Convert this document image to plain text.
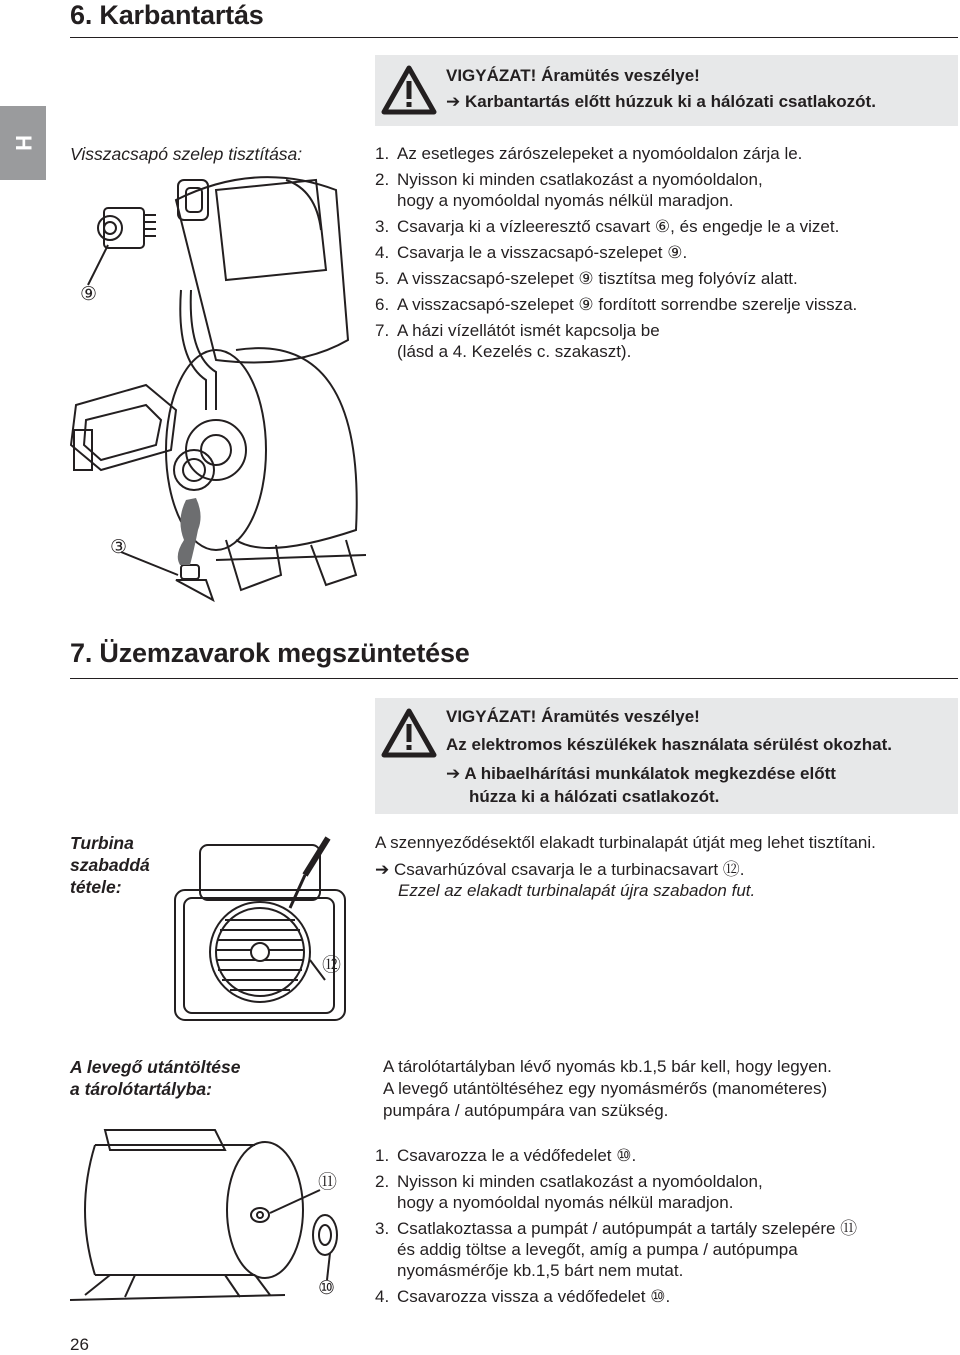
H
6. Karbantartás
VIGYÁZAT! Áramütés veszélye!
➔ Karbantartás előtt húzzuk ki a hálózati csatlakozót.
Visszacsapó szelep tisztítása:	1. Az esetleges zárószelepeket a nyomóoldalon zárja le.
2. Nyisson ki minden csatlakozást a nyomóoldalon,
hogy a nyomóoldal nyomás nélkül maradjon.
3. Csavarja ki a vízleeresztő csavart ⑥, és engedje le a vizet.
4. Csavarja le a visszacsapó-szelepet ⑨.
5. A visszacsapó-szelepet ⑨ tisztítsa meg folyóvíz alatt.
6. A visszacsapó-szelepet ⑨ fordított sorrendbe szerelje vissza.
7. A házi vízellátót ismét kapcsolja be
(lásd a 4. Kezelés c. szakaszt).
⑨
③
7. Üzemzavarok megszüntetése
VIGYÁZAT! Áramütés veszélye!
Az elektromos készülékek használata sérülést okozhat.
➔ A hibaelhárítási munkálatok megkezdése előtt
húzza ki a hálózati csatlakozót.
Turbina
szabaddá
tétele:
A szennyeződésektől elakadt turbinalapát útját meg lehet tisztítani.
➔ Csavarhúzóval csavarja le a turbinacsavart ⑫.
Ezzel az elakadt turbinalapát újra szabadon fut.
⑫
A levegő utántöltése
a tárolótartályba:
A tárolótartályban lévő nyomás kb.1,5 bár kell, hogy legyen.
A levegő utántöltéséhez egy nyomásmérős (manométeres)
pumpára / autópumpára van szükség.
1. Csavarozza le a védőfedelet ⑩.
2. Nyisson ki minden csatlakozást a nyomóoldalon,
hogy a nyomóoldal nyomás nélkül maradjon.
3. Csatlakoztassa a pumpát / autópumpát a tartály szelepére ⑪
és addig töltse a levegőt, amíg a pumpa / autópumpa
nyomásmérője kb.1,5 bárt nem mutat.
4. Csavarozza vissza a védőfedelet ⑩.
⑪
⑩
26
